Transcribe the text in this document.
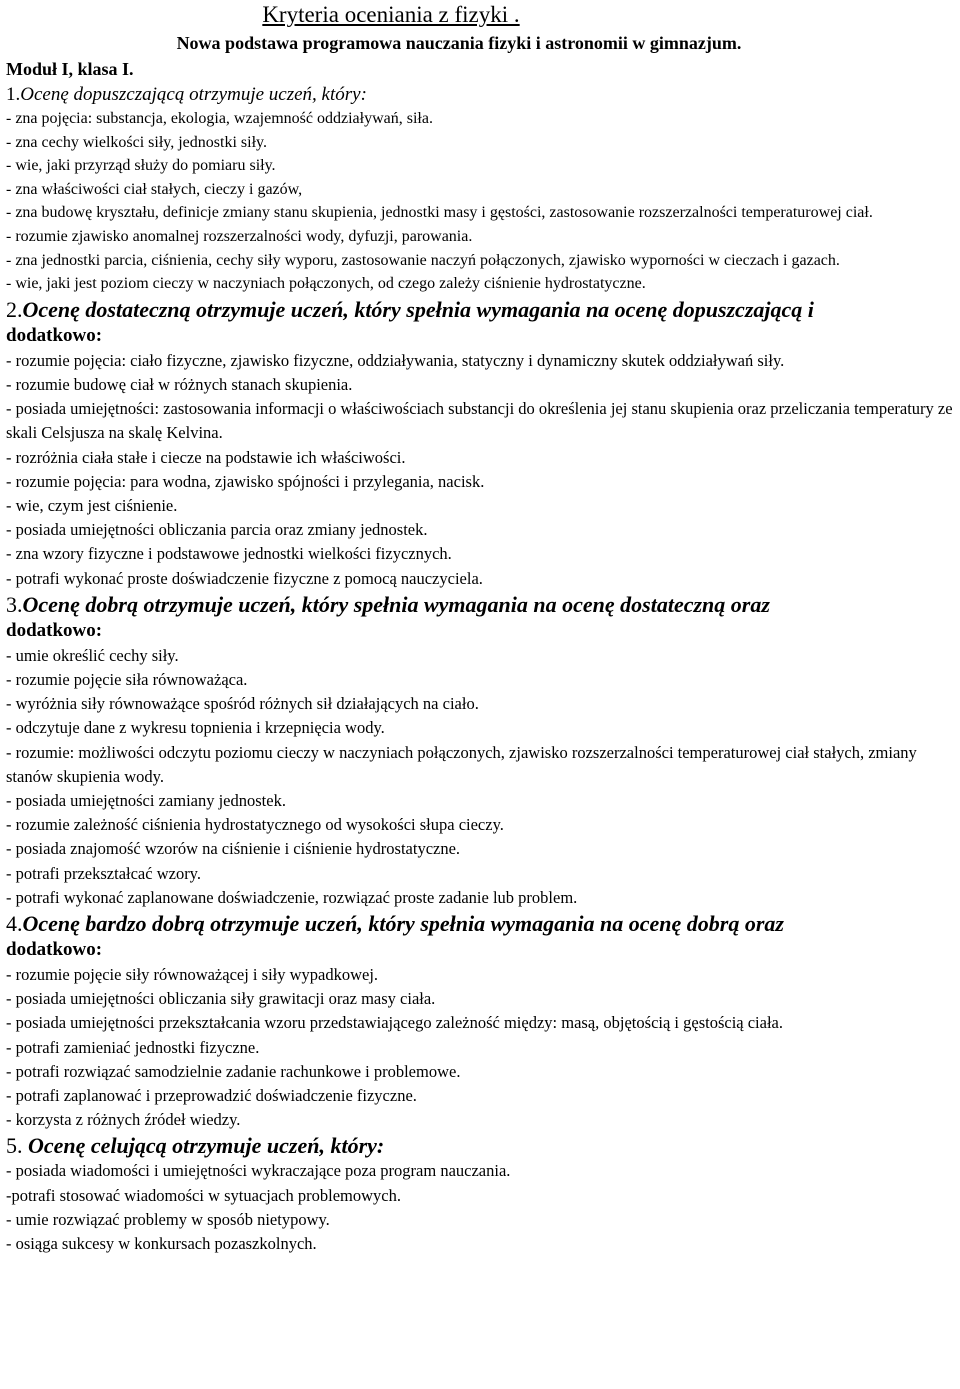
Kryteria oceniania z fizyki .

Nowa podstawa programowa nauczania fizyki i astronomii w gimnazjum.

Moduł I, klasa I.

1.Ocenę dopuszczającą otrzymuje uczeń, który:

- zna pojęcia: substancja, ekologia, wzajemność oddziaływań, siła.
- zna cechy wielkości siły, jednostki siły.
- wie, jaki przyrząd służy do pomiaru siły.
- zna właściwości ciał stałych, cieczy i gazów,
- zna budowę kryształu, definicje zmiany stanu skupienia, jednostki masy i gęstości, zastosowanie rozszerzalności temperaturowej ciał.
- rozumie zjawisko anomalnej rozszerzalności wody, dyfuzji, parowania.
- zna jednostki parcia, ciśnienia, cechy siły wyporu, zastosowanie naczyń połączonych, zjawisko wyporności w cieczach i gazach.
- wie, jaki jest poziom cieczy w naczyniach połączonych, od czego zależy ciśnienie hydrostatyczne.

2.Ocenę dostateczną otrzymuje uczeń, który spełnia wymagania na ocenę dopuszczającą i
dodatkowo:

- rozumie pojęcia: ciało fizyczne, zjawisko fizyczne, oddziaływania, statyczny i dynamiczny skutek oddziaływań siły.
- rozumie budowę ciał w różnych stanach skupienia.
- posiada umiejętności: zastosowania informacji o właściwościach substancji do określenia jej stanu skupienia oraz przeliczania temperatury ze skali Celsjusza na skalę Kelvina.
- rozróżnia ciała stałe i ciecze na podstawie ich właściwości.
- rozumie pojęcia: para wodna, zjawisko spójności i przylegania, nacisk.
- wie, czym jest ciśnienie.
- posiada umiejętności obliczania parcia oraz zmiany jednostek.
- zna wzory fizyczne i podstawowe jednostki wielkości fizycznych.
- potrafi wykonać proste doświadczenie fizyczne z pomocą nauczyciela.

3.Ocenę dobrą otrzymuje uczeń, który spełnia wymagania na ocenę dostateczną oraz
dodatkowo:

- umie określić cechy siły.
- rozumie pojęcie siła równoważąca.
- wyróżnia siły równoważące spośród różnych sił działających na ciało.
- odczytuje dane z wykresu topnienia i krzepnięcia wody.
- rozumie: możliwości odczytu poziomu cieczy w naczyniach połączonych, zjawisko rozszerzalności temperaturowej ciał stałych, zmiany stanów skupienia wody.
- posiada umiejętności zamiany jednostek.
- rozumie zależność ciśnienia hydrostatycznego od wysokości słupa cieczy.
- posiada znajomość wzorów na ciśnienie i ciśnienie hydrostatyczne.
- potrafi przekształcać wzory.
- potrafi wykonać zaplanowane doświadczenie, rozwiązać proste zadanie lub problem.

4.Ocenę bardzo dobrą otrzymuje uczeń, który spełnia wymagania na ocenę dobrą oraz
dodatkowo:

- rozumie pojęcie siły równoważącej i siły wypadkowej.
- posiada umiejętności obliczania siły grawitacji oraz masy ciała.
- posiada umiejętności przekształcania wzoru przedstawiającego zależność między: masą, objętością i gęstością ciała.
- potrafi zamieniać jednostki fizyczne.
- potrafi rozwiązać samodzielnie zadanie rachunkowe i problemowe.
- potrafi zaplanować i przeprowadzić doświadczenie fizyczne.
- korzysta z różnych źródeł wiedzy.

5. Ocenę celującą otrzymuje uczeń, który:

- posiada wiadomości i umiejętności wykraczające poza program nauczania.
-potrafi stosować wiadomości w sytuacjach problemowych.
- umie rozwiązać problemy w sposób nietypowy.
- osiąga sukcesy w konkursach pozaszkolnych.
